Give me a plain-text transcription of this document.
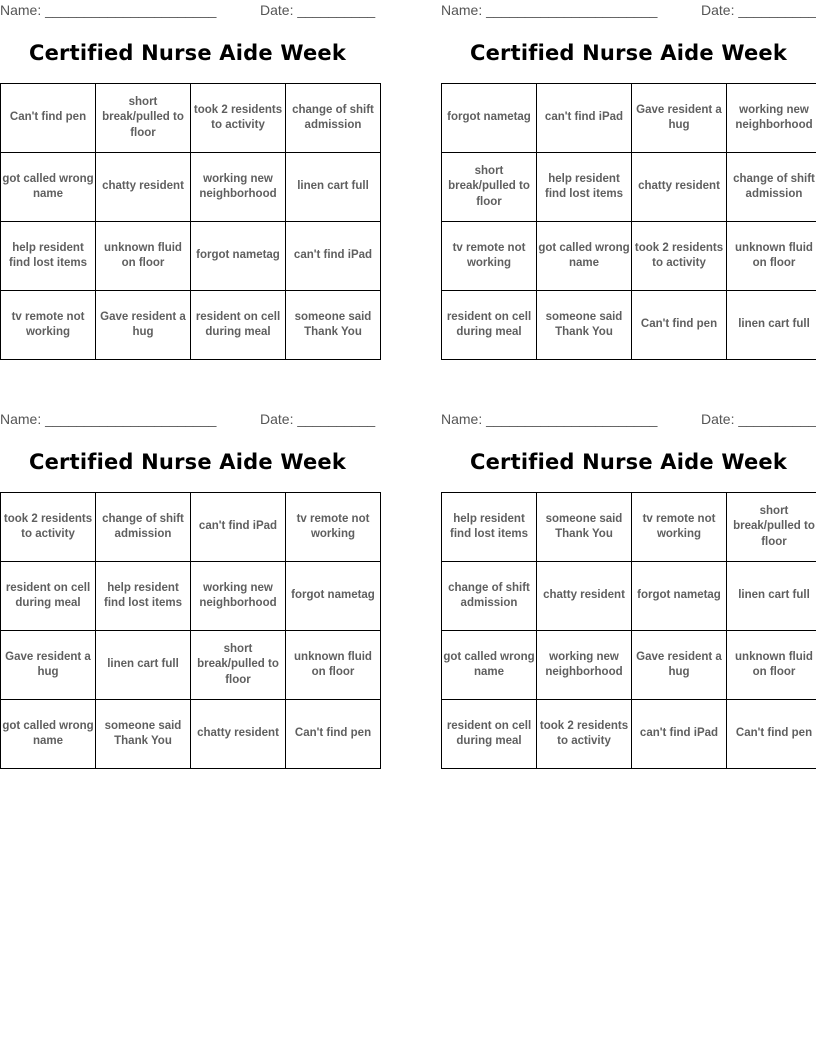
Name: ______________________	Date: __________
Certified Nurse Aide Week
Can't find pen	short break/pulled to floor	took 2 residents to activity	change of shift admission
got called wrong name	chatty resident	working new neighborhood	linen cart full
help resident find lost items	unknown fluid on floor	forgot nametag	can't find iPad
tv remote not working	Gave resident a hug	resident on cell during meal	someone said Thank You
Name: ______________________	Date: __________
Certified Nurse Aide Week
forgot nametag	can't find iPad	Gave resident a hug	working new neighborhood
short break/pulled to floor	help resident find lost items	chatty resident	change of shift admission
tv remote not working	got called wrong name	took 2 residents to activity	unknown fluid on floor
resident on cell during meal	someone said Thank You	Can't find pen	linen cart full
Name: ______________________	Date: __________
Certified Nurse Aide Week
took 2 residents to activity	change of shift admission	can't find iPad	tv remote not working
resident on cell during meal	help resident find lost items	working new neighborhood	forgot nametag
Gave resident a hug	linen cart full	short break/pulled to floor	unknown fluid on floor
got called wrong name	someone said Thank You	chatty resident	Can't find pen
Name: ______________________	Date: __________
Certified Nurse Aide Week
help resident find lost items	someone said Thank You	tv remote not working	short break/pulled to floor
change of shift admission	chatty resident	forgot nametag	linen cart full
got called wrong name	working new neighborhood	Gave resident a hug	unknown fluid on floor
resident on cell during meal	took 2 residents to activity	can't find iPad	Can't find pen
